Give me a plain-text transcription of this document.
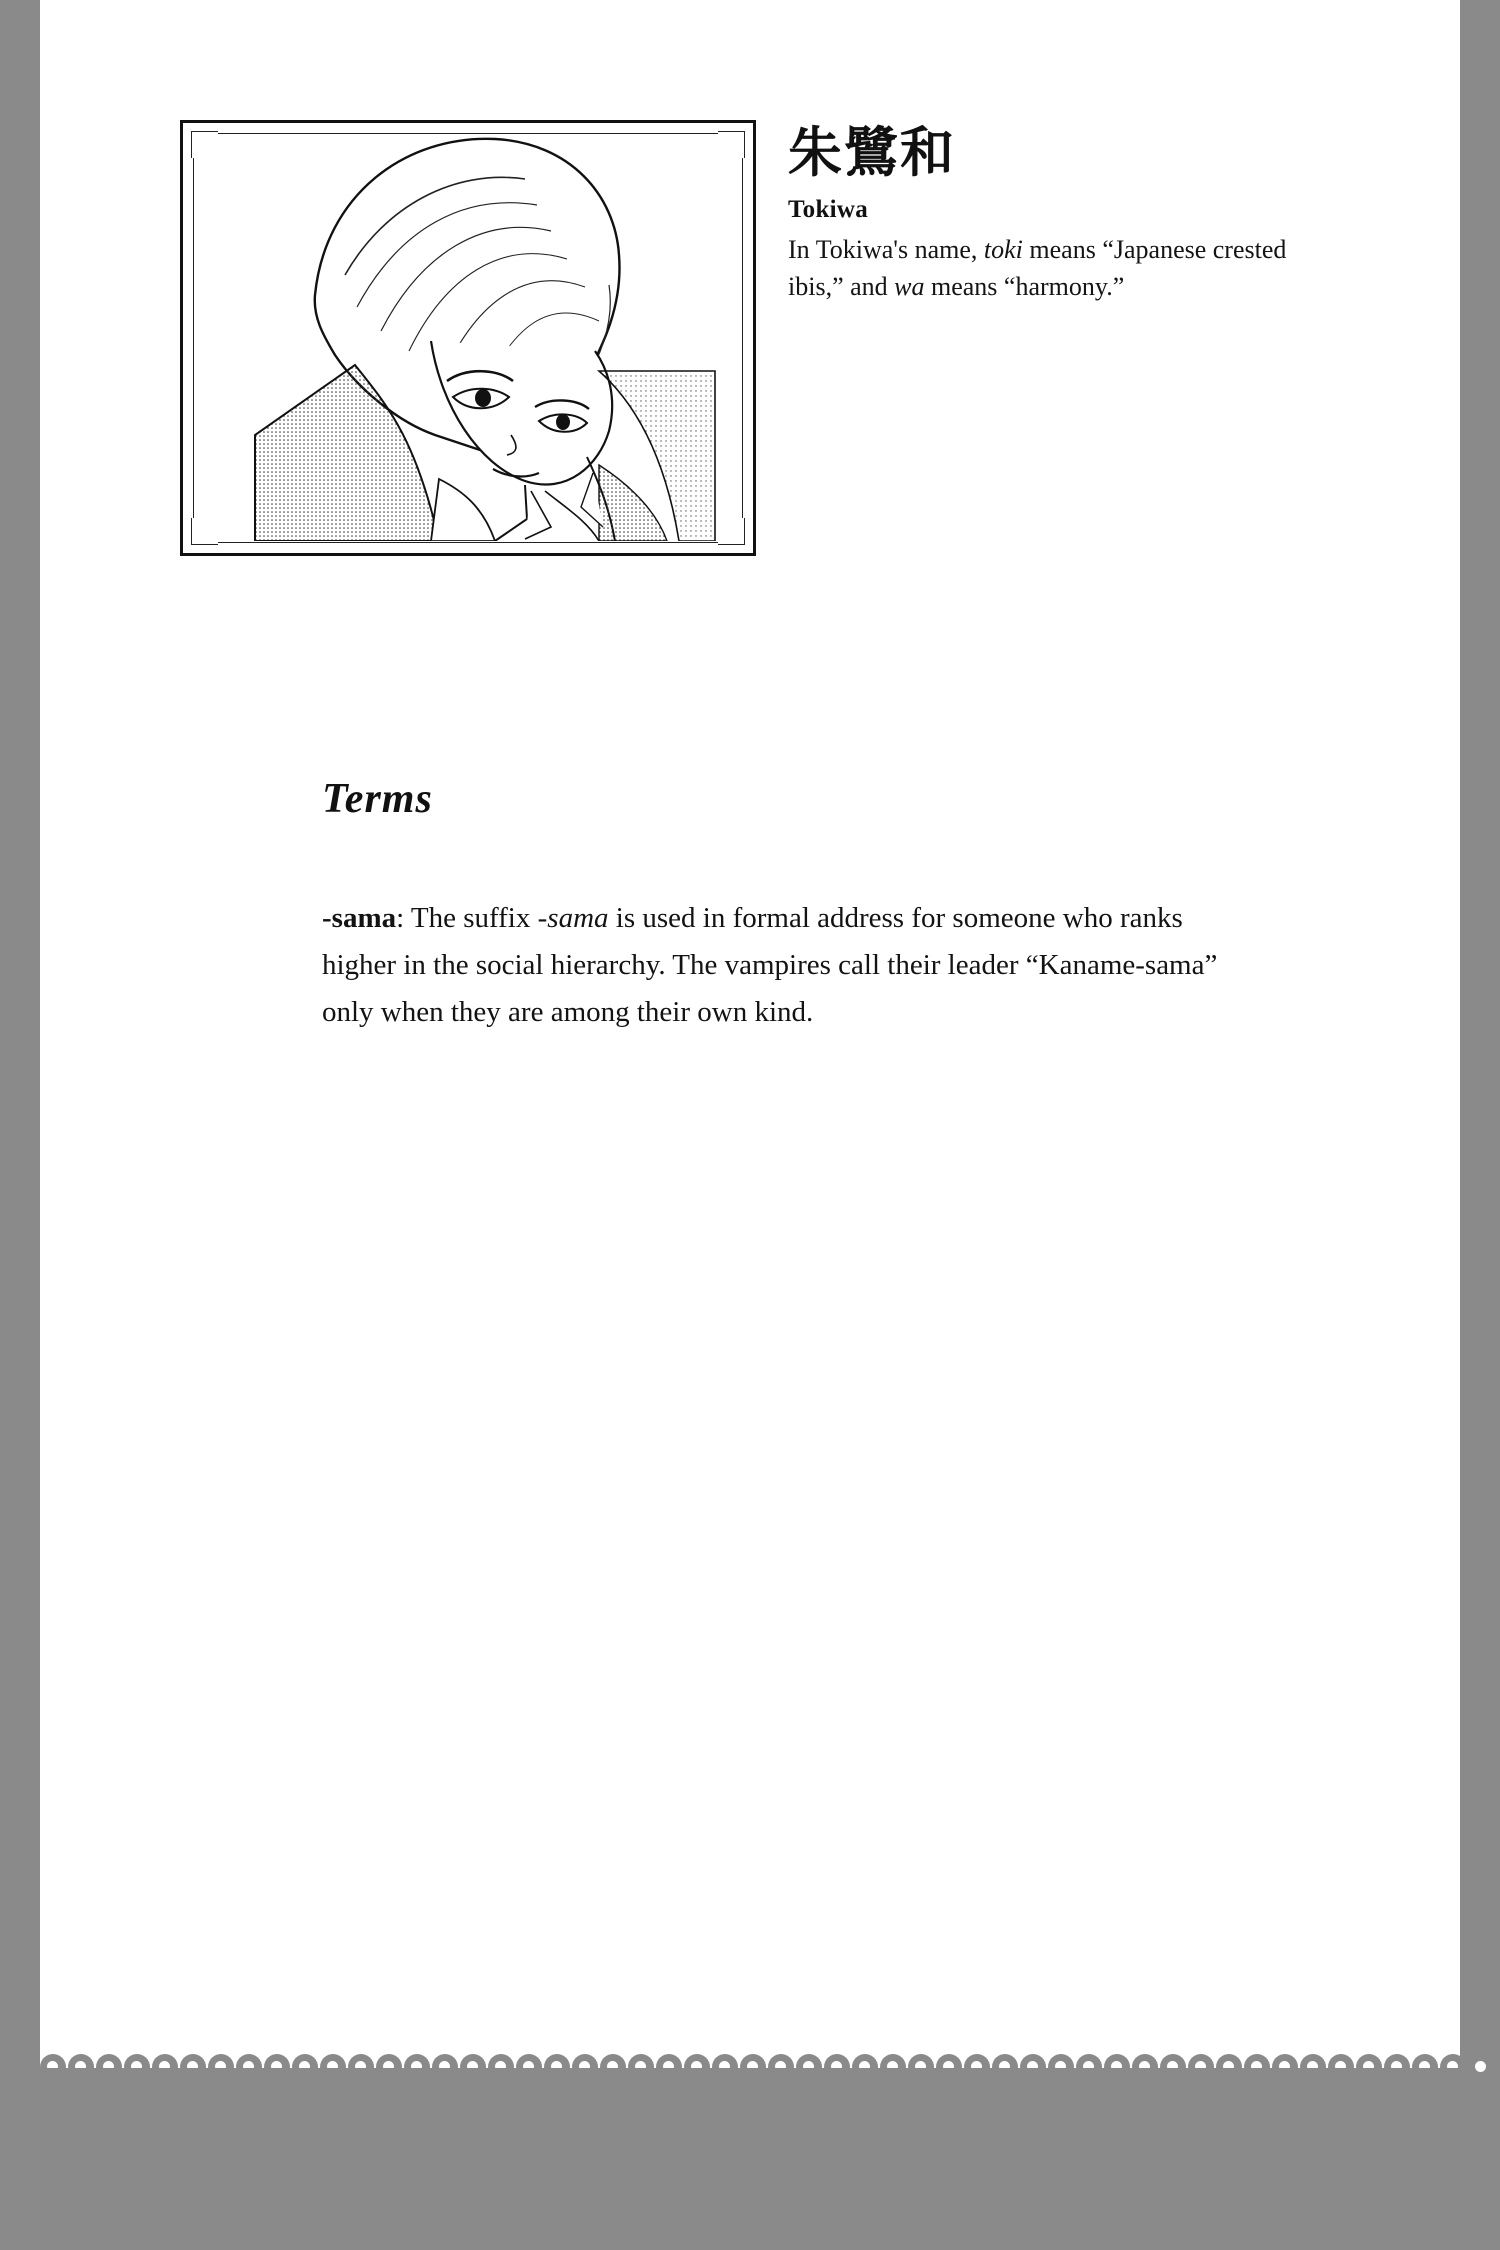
朱鷺和
Tokiwa
In Tokiwa's name, toki means “Japanese crested ibis,” and wa means “harmony.”
Terms
-sama: The suffix -sama is used in formal address for someone who ranks higher in the social hierarchy. The vampires call their leader “Kaname-sama” only when they are among their own kind.
